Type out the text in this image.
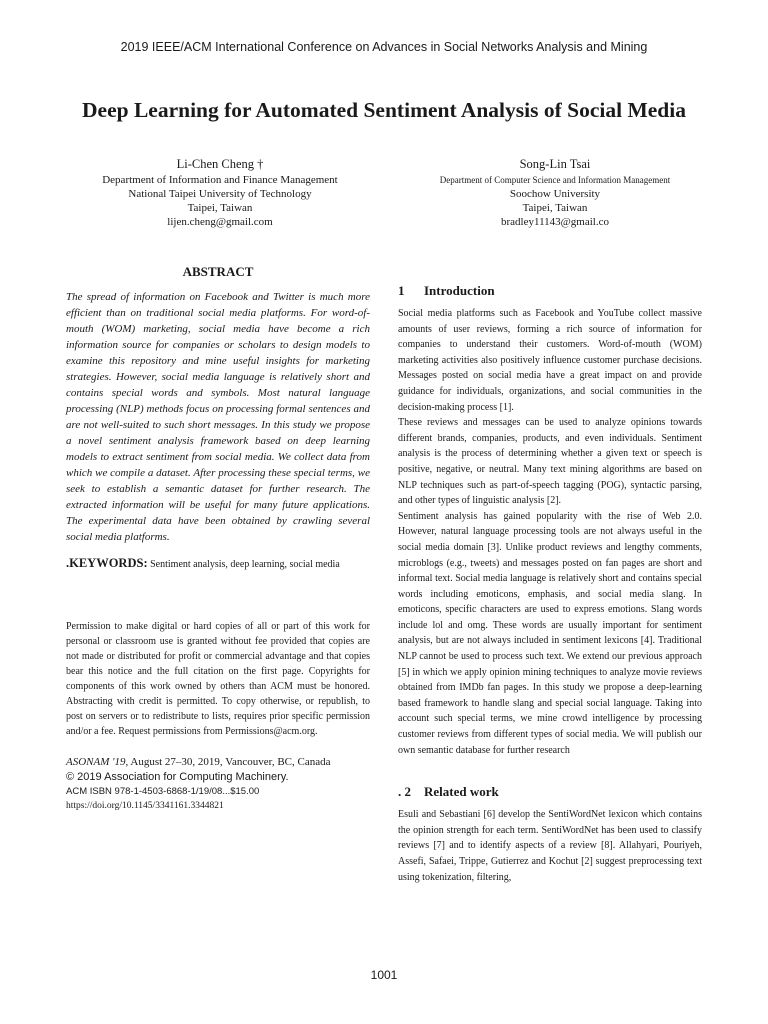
2019 IEEE/ACM International Conference on Advances in Social Networks Analysis and Mining
Deep Learning for Automated Sentiment Analysis of Social Media
Li-Chen Cheng †
Department of Information and Finance Management
National Taipei University of Technology
Taipei, Taiwan
lijen.cheng@gmail.com
Song-Lin Tsai
Department of Computer Science and Information Management
Soochow University
Taipei, Taiwan
bradley11143@gmail.co
ABSTRACT

The spread of information on Facebook and Twitter is much more efficient than on traditional social media platforms. For word-of-mouth (WOM) marketing, social media have become a rich information source for companies or scholars to design models to examine this repository and mine useful insights for marketing strategies. However, social media language is relatively short and contains special words and symbols. Most natural language processing (NLP) methods focus on processing formal sentences and are not well-suited to such short messages. In this study we propose a novel sentiment analysis framework based on deep learning models to extract sentiment from social media. We collect data from which we compile a dataset. After processing these special terms, we seek to establish a semantic dataset for further research. The extracted information will be useful for many future applications. The experimental data have been obtained by crawling several social media platforms.

.KEYWORDS: Sentiment analysis, deep learning, social media

Permission to make digital or hard copies of all or part of this work for personal or classroom use is granted without fee provided that copies are not made or distributed for profit or commercial advantage and that copies bear this notice and the full citation on the first page. Copyrights for components of this work owned by others than ACM must be honored. Abstracting with credit is permitted. To copy otherwise, or republish, to post on servers or to redistribute to lists, requires prior specific permission and/or a fee. Request permissions from Permissions@acm.org.

ASONAM '19, August 27–30, 2019, Vancouver, BC, Canada
© 2019 Association for Computing Machinery.
ACM ISBN 978-1-4503-6868-1/19/08...$15.00
https://doi.org/10.1145/3341161.3344821
1 Introduction

Social media platforms such as Facebook and YouTube collect massive amounts of user reviews, forming a rich source of information for companies to understand their customers. Word-of-mouth (WOM) marketing activities also positively influence customer purchase decisions. Messages posted on social media have a great impact on and provide guidance for individuals, organizations, and social communities in the decision-making process [1].

These reviews and messages can be used to analyze opinions towards different brands, companies, products, and even individuals. Sentiment analysis is the process of determining whether a given text or speech is positive, negative, or neutral. Many text mining algorithms are based on NLP techniques such as part-of-speech tagging (POG), syntactic parsing, and other types of linguistic analysis [2].

Sentiment analysis has gained popularity with the rise of Web 2.0. However, natural language processing tools are not always useful in the social media domain [3]. Unlike product reviews and lengthy comments, microblogs (e.g., tweets) and messages posted on fan pages are short and informal text. Social media language is relatively short and contains special words including emoticons, emphasis, and social media slang. In emoticons, specific characters are used to express emotions. Slang words include lol and omg. These words are usually important for sentiment analysis, but are not always included in sentiment lexicons [4]. Traditional NLP cannot be used to process such text. We extend our previous approach [5] in which we apply opinion mining techniques to analyze movie reviews obtained from IMDb fan pages. In this study we propose a deep-learning based framework to handle slang and special social language. Taking into account such special terms, we mine crowd intelligence by processing customer reviews from different types of social media. We will publish our own semantic database for further research

. 2 Related work

Esuli and Sebastiani [6] develop the SentiWordNet lexicon which contains the opinion strength for each term. SentiWordNet has been used to classify reviews [7] and to identify aspects of a review [8]. Allahyari, Pouriyeh, Assefi, Safaei, Trippe, Gutierrez and Kochut [2] suggest preprocessing text using tokenization, filtering,

1001
